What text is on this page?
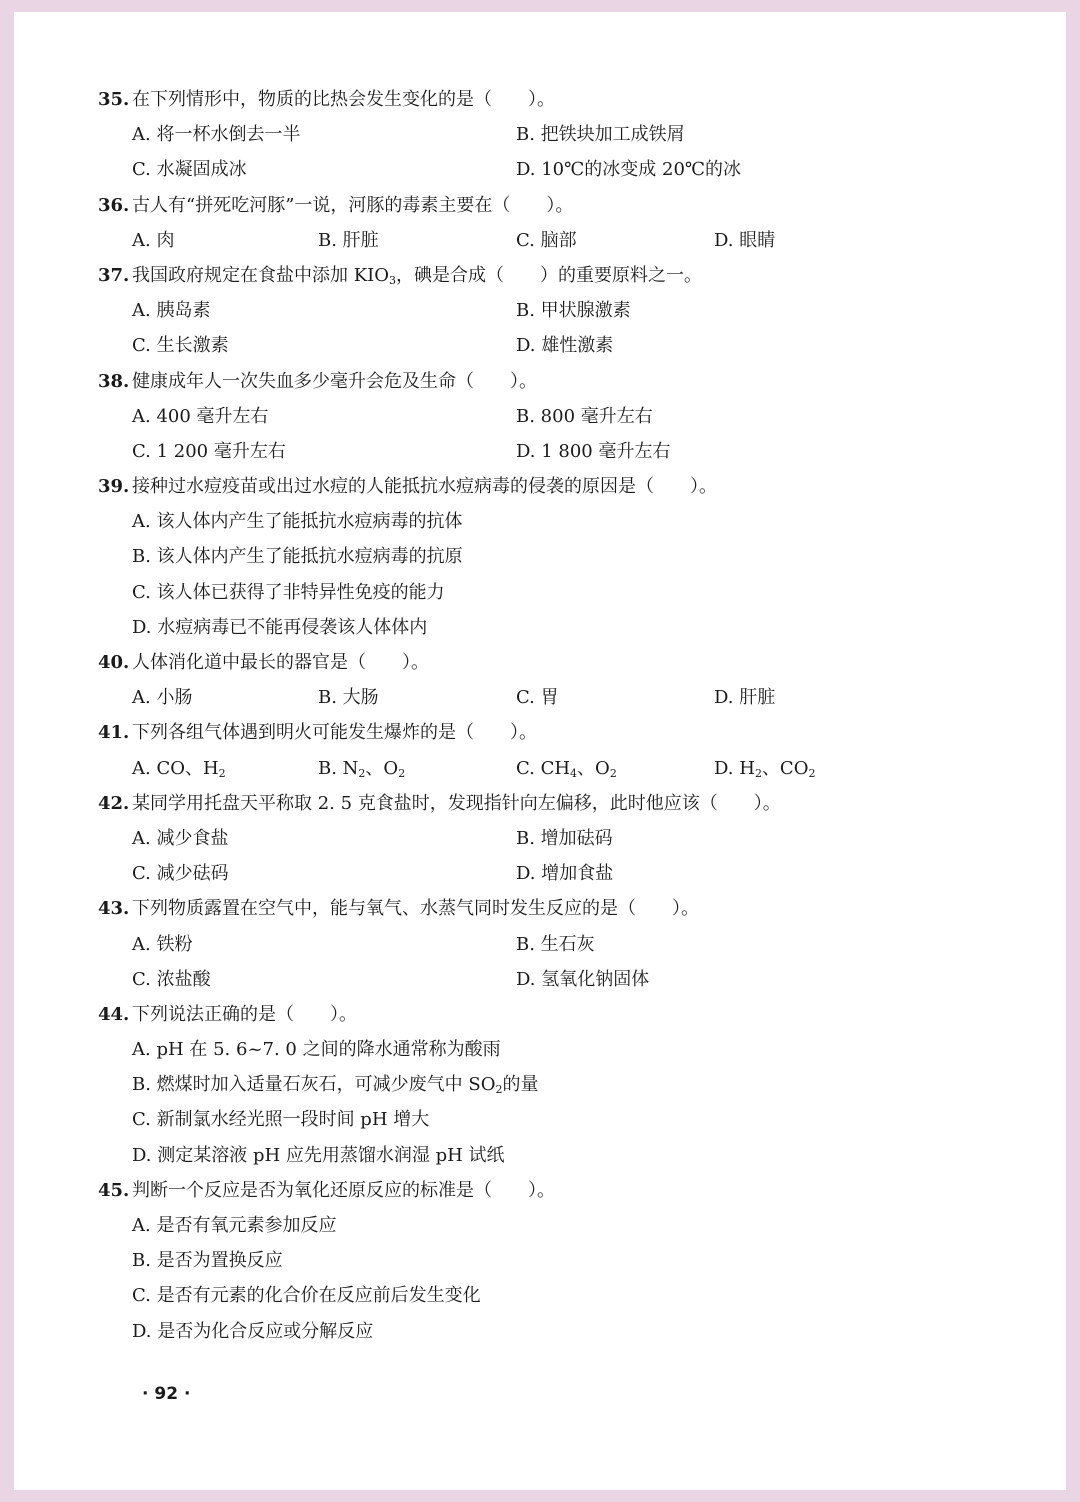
35. 在下列情形中，物质的比热会发生变化的是（　　）。
A. 将一杯水倒去一半	B. 把铁块加工成铁屑
C. 水凝固成冰	D. 10℃的冰变成 20℃的冰
36. 古人有“拼死吃河豚”一说，河豚的毒素主要在（　　）。
A. 肉	B. 肝脏	C. 脑部	D. 眼睛
37. 我国政府规定在食盐中添加 $KIO_3$，碘是合成（　　）的重要原料之一。
A. 胰岛素	B. 甲状腺激素
C. 生长激素	D. 雄性激素
38. 健康成年人一次失血多少毫升会危及生命（　　）。
A. 400 毫升左右	B. 800 毫升左右
C. 1 200 毫升左右	D. 1 800 毫升左右
39. 接种过水痘疫苗或出过水痘的人能抵抗水痘病毒的侵袭的原因是（　　）。
A. 该人体内产生了能抵抗水痘病毒的抗体
B. 该人体内产生了能抵抗水痘病毒的抗原
C. 该人体已获得了非特异性免疫的能力
D. 水痘病毒已不能再侵袭该人体体内
40. 人体消化道中最长的器官是（　　）。
A. 小肠	B. 大肠	C. 胃	D. 肝脏
41. 下列各组气体遇到明火可能发生爆炸的是（　　）。
A. CO、$H_2$	B. $N_2$、$O_2$	C. $CH_4$、$O_2$	D. $H_2$、$CO_2$
42. 某同学用托盘天平称取 2. 5 克食盐时，发现指针向左偏移，此时他应该（　　）。
A. 减少食盐	B. 增加砝码
C. 减少砝码	D. 增加食盐
43. 下列物质露置在空气中，能与氧气、水蒸气同时发生反应的是（　　）。
A. 铁粉	B. 生石灰
C. 浓盐酸	D. 氢氧化钠固体
44. 下列说法正确的是（　　）。
A. pH 在 5. 6~7. 0 之间的降水通常称为酸雨
B. 燃煤时加入适量石灰石，可减少废气中 $SO_2$的量
C. 新制氯水经光照一段时间 pH 增大
D. 测定某溶液 pH 应先用蒸馏水润湿 pH 试纸
45. 判断一个反应是否为氧化还原反应的标准是（　　）。
A. 是否有氧元素参加反应
B. 是否为置换反应
C. 是否有元素的化合价在反应前后发生变化
D. 是否为化合反应或分解反应
· 92 ·
